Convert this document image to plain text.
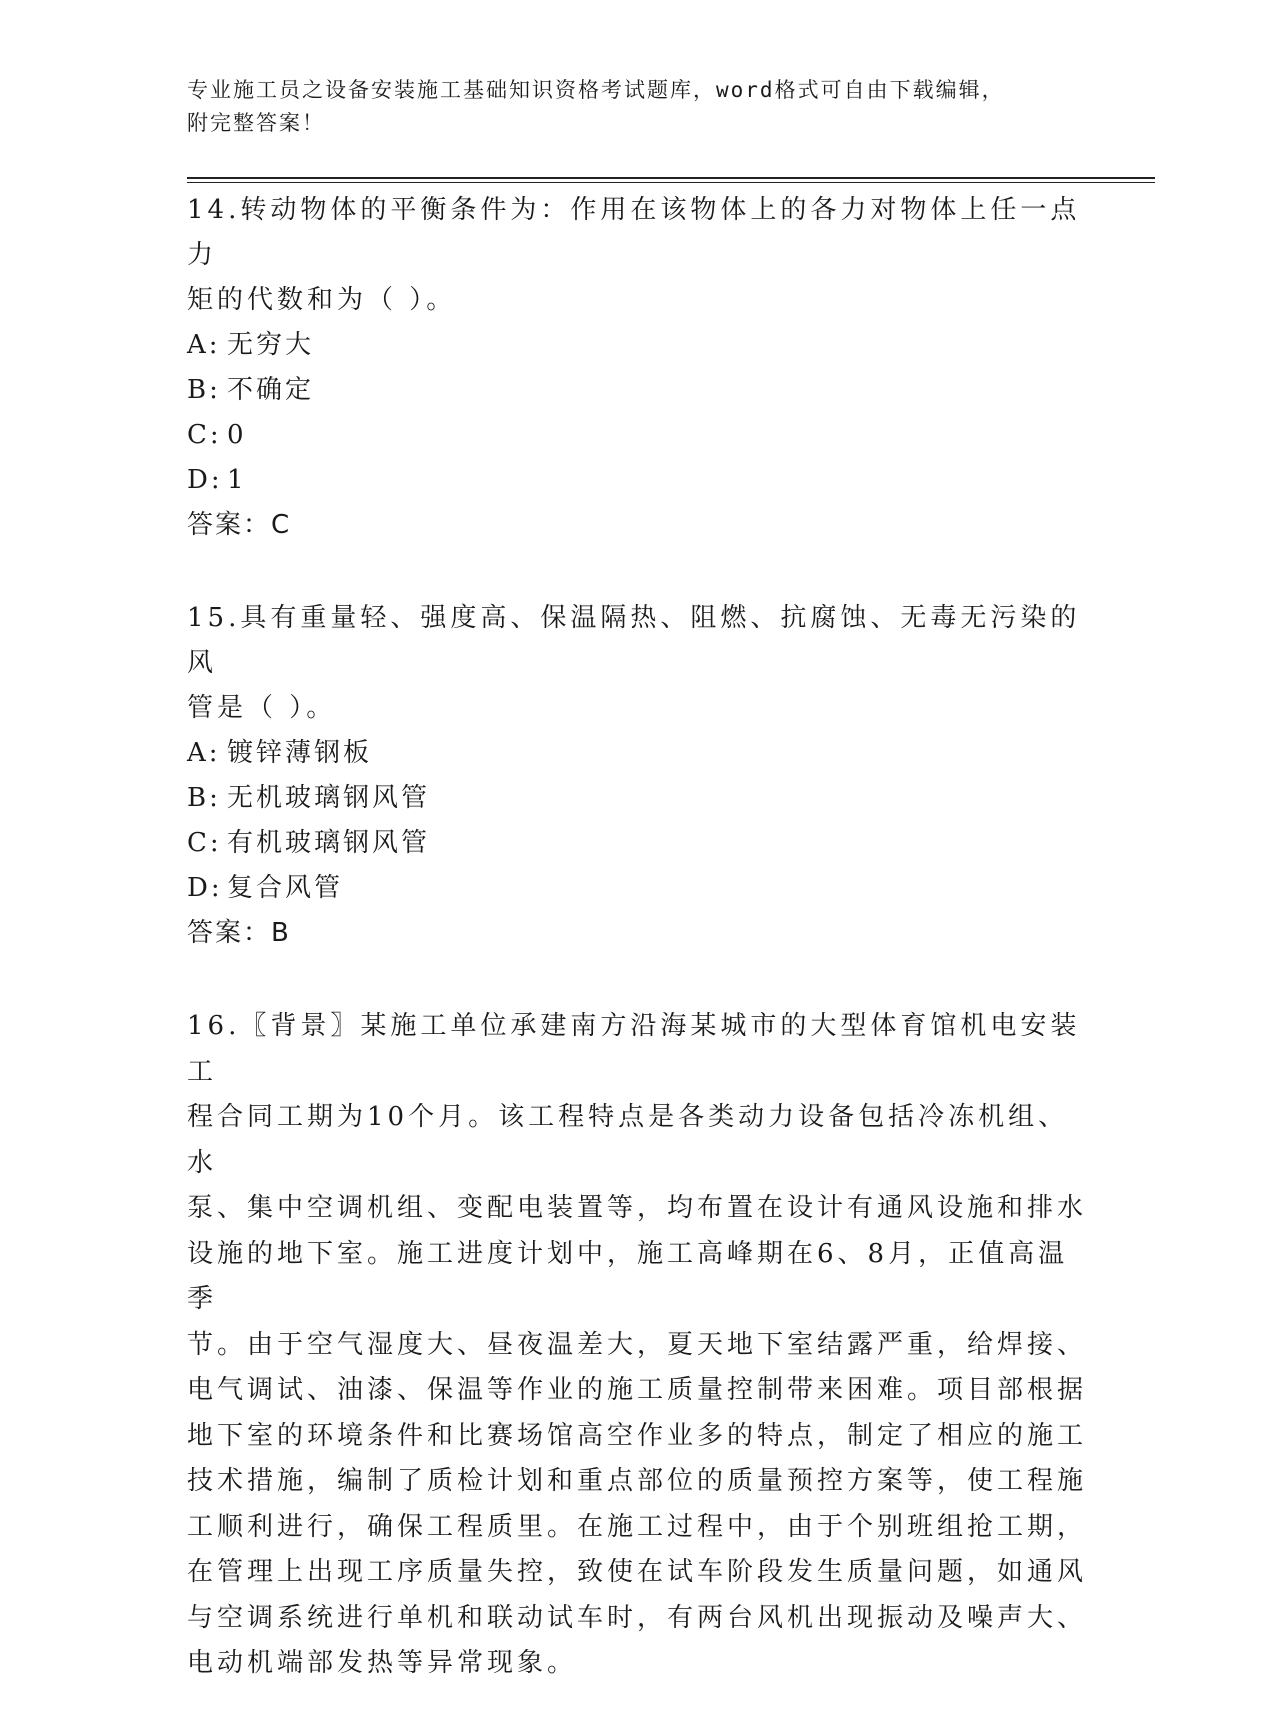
专业施工员之设备安装施工基础知识资格考试题库，word格式可自由下载编辑，
附完整答案！
14.转动物体的平衡条件为：作用在该物体上的各力对物体上任一点力
矩的代数和为（ ）。
A: 无穷大
B: 不确定
C: 0
D: 1
答案：C
15.具有重量轻、强度高、保温隔热、阻燃、抗腐蚀、无毒无污染的风
管是（ ）。
A: 镀锌薄钢板
B: 无机玻璃钢风管
C: 有机玻璃钢风管
D: 复合风管
答案：B
16.〖背景〗某施工单位承建南方沿海某城市的大型体育馆机电安装工
程合同工期为10个月。该工程特点是各类动力设备包括冷冻机组、水
泵、集中空调机组、变配电装置等，均布置在设计有通风设施和排水
设施的地下室。施工进度计划中，施工高峰期在6、8月，正值高温季
节。由于空气湿度大、昼夜温差大，夏天地下室结露严重，给焊接、
电气调试、油漆、保温等作业的施工质量控制带来困难。项目部根据
地下室的环境条件和比赛场馆高空作业多的特点，制定了相应的施工
技术措施，编制了质检计划和重点部位的质量预控方案等，使工程施
工顺利进行，确保工程质里。在施工过程中，由于个别班组抢工期，
在管理上出现工序质量失控，致使在试车阶段发生质量问题，如通风
与空调系统进行单机和联动试车时，有两台风机出现振动及噪声大、
电动机端部发热等异常现象。
